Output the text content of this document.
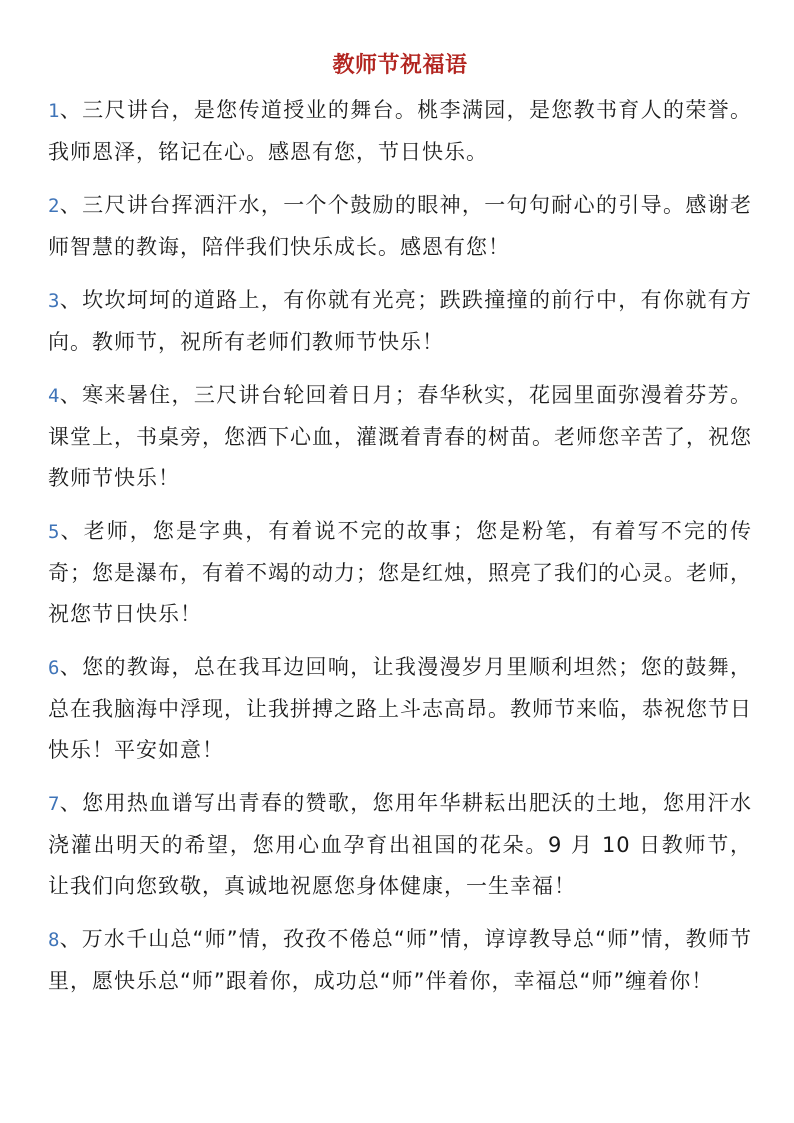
教师节祝福语
1、三尺讲台，是您传道授业的舞台。桃李满园，是您教书育人的荣誉。我师恩泽，铭记在心。感恩有您，节日快乐。
2、三尺讲台挥洒汗水，一个个鼓励的眼神，一句句耐心的引导。感谢老师智慧的教诲，陪伴我们快乐成长。感恩有您！
3、坎坎坷坷的道路上，有你就有光亮；跌跌撞撞的前行中，有你就有方向。教师节，祝所有老师们教师节快乐！
4、寒来暑住，三尺讲台轮回着日月；春华秋实，花园里面弥漫着芬芳。课堂上，书桌旁，您洒下心血，灌溉着青春的树苗。老师您辛苦了，祝您教师节快乐！
5、老师，您是字典，有着说不完的故事；您是粉笔，有着写不完的传奇；您是瀑布，有着不竭的动力；您是红烛，照亮了我们的心灵。老师，祝您节日快乐！
6、您的教诲，总在我耳边回响，让我漫漫岁月里顺利坦然；您的鼓舞，总在我脑海中浮现，让我拼搏之路上斗志高昂。教师节来临，恭祝您节日快乐！平安如意！
7、您用热血谱写出青春的赞歌，您用年华耕耘出肥沃的土地，您用汗水浇灌出明天的希望，您用心血孕育出祖国的花朵。9 月 10 日教师节，让我们向您致敬，真诚地祝愿您身体健康，一生幸福！
8、万水千山总“师”情，孜孜不倦总“师”情，谆谆教导总“师”情，教师节里，愿快乐总“师”跟着你，成功总“师”伴着你，幸福总“师”缠着你！
